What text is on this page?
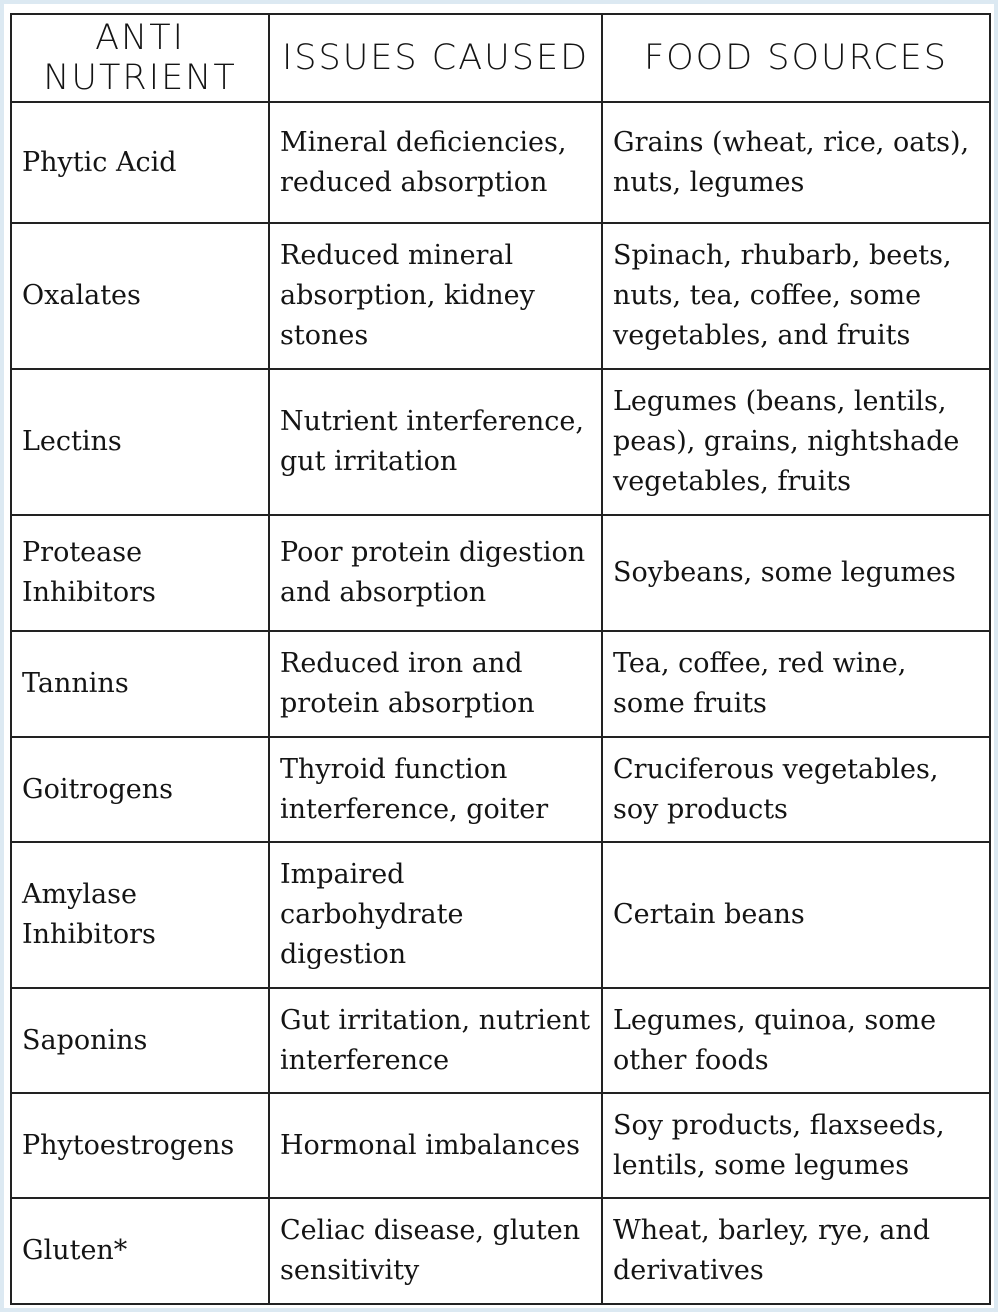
ANTI NUTRIENT	ISSUES CAUSED	FOOD SOURCES
Phytic Acid	Mineral deficiencies, reduced absorption	Grains (wheat, rice, oats), nuts, legumes
Oxalates	Reduced mineral absorption, kidney stones	Spinach, rhubarb, beets, nuts, tea, coffee, some vegetables, and fruits
Lectins	Nutrient interference, gut irritation	Legumes (beans, lentils, peas), grains, nightshade vegetables, fruits
Protease Inhibitors	Poor protein digestion and absorption	Soybeans, some legumes
Tannins	Reduced iron and protein absorption	Tea, coffee, red wine, some fruits
Goitrogens	Thyroid function interference, goiter	Cruciferous vegetables, soy products
Amylase Inhibitors	Impaired carbohydrate digestion	Certain beans
Saponins	Gut irritation, nutrient interference	Legumes, quinoa, some other foods
Phytoestrogens	Hormonal imbalances	Soy products, flaxseeds, lentils, some legumes
Gluten*	Celiac disease, gluten sensitivity	Wheat, barley, rye, and derivatives
